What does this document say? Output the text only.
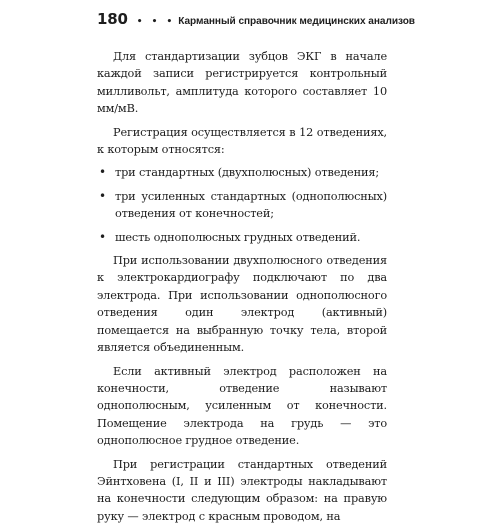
180 • • • Карманный справочник медицинских анализов

Для стандартизации зубцов ЭКГ в начале каждой записи регистрируется контрольный милливольт, амплитуда которого составляет 10 мм/мВ.

Регистрация осуществляется в 12 отведениях, к которым относятся:

• три стандартных (двухполюсных) отведения;
• три усиленных стандартных (однополюсных) отведения от конечностей;
• шесть однополюсных грудных отведений.

При использовании двухполюсного отведения к электрокардиографу подключают по два электрода. При использовании однополюсного отведения один электрод (активный) помещается на выбранную точку тела, второй является объединенным.

Если активный электрод расположен на конечности, отведение называют однополюсным, усиленным от конечности. Помещение электрода на грудь — это однополюсное грудное отведение.

При регистрации стандартных отведений Эйнтховена (I, II и III) электроды накладывают на конечности следующим образом: на правую руку — электрод с красным проводом, на
